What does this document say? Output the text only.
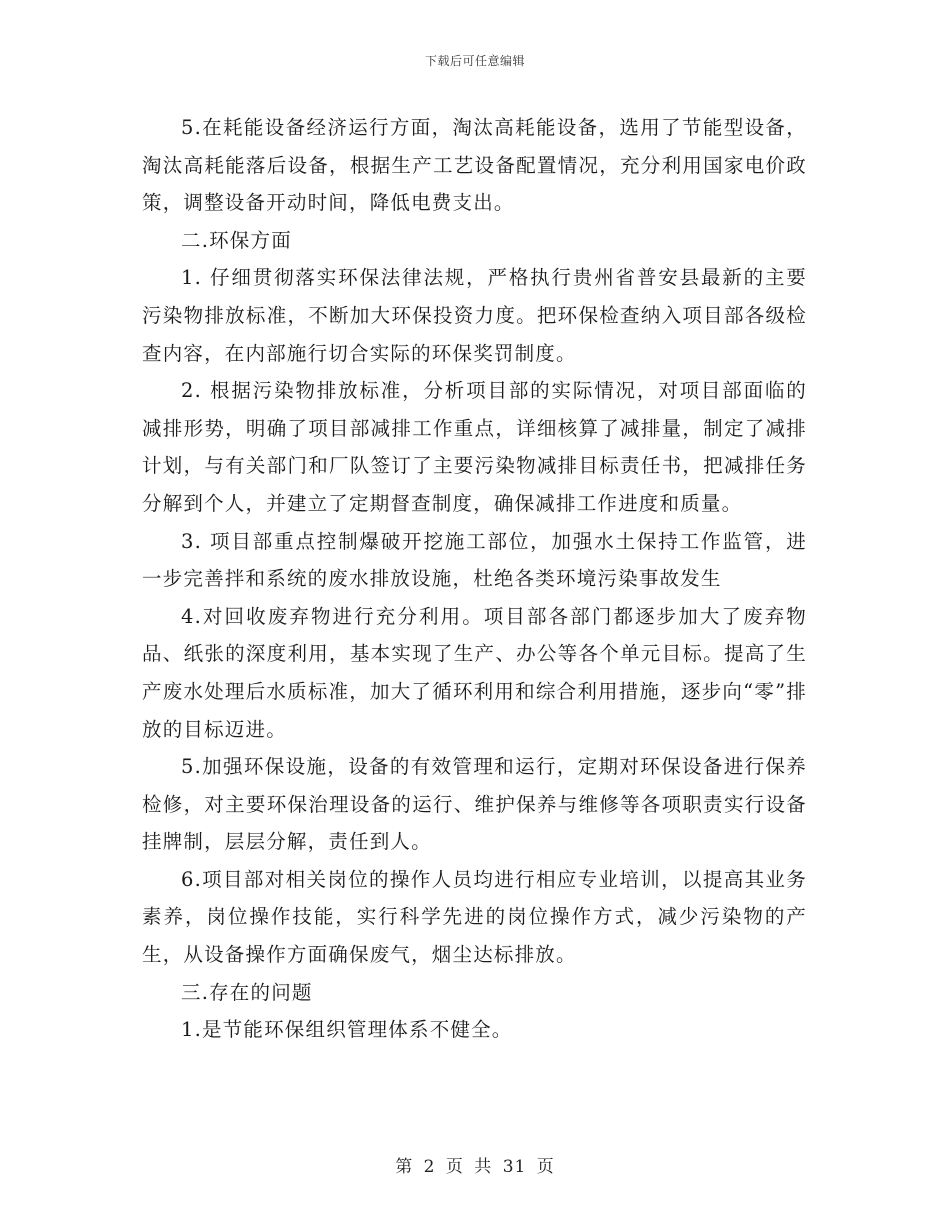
下载后可任意编辑

5.在耗能设备经济运行方面，淘汰高耗能设备，选用了节能型设备，淘汰高耗能落后设备，根据生产工艺设备配置情况，充分利用国家电价政策，调整设备开动时间，降低电费支出。

二.环保方面

1. 仔细贯彻落实环保法律法规，严格执行贵州省普安县最新的主要污染物排放标准，不断加大环保投资力度。把环保检查纳入项目部各级检查内容，在内部施行切合实际的环保奖罚制度。

2. 根据污染物排放标准，分析项目部的实际情况，对项目部面临的减排形势，明确了项目部减排工作重点，详细核算了减排量，制定了减排计划，与有关部门和厂队签订了主要污染物减排目标责任书，把减排任务分解到个人，并建立了定期督查制度，确保减排工作进度和质量。

3. 项目部重点控制爆破开挖施工部位，加强水土保持工作监管，进一步完善拌和系统的废水排放设施，杜绝各类环境污染事故发生

4.对回收废弃物进行充分利用。项目部各部门都逐步加大了废弃物品、纸张的深度利用，基本实现了生产、办公等各个单元目标。提高了生产废水处理后水质标准，加大了循环利用和综合利用措施，逐步向“零”排放的目标迈进。

5.加强环保设施，设备的有效管理和运行，定期对环保设备进行保养检修，对主要环保治理设备的运行、维护保养与维修等各项职责实行设备挂牌制，层层分解，责任到人。

6.项目部对相关岗位的操作人员均进行相应专业培训，以提高其业务素养，岗位操作技能，实行科学先进的岗位操作方式，减少污染物的产生，从设备操作方面确保废气，烟尘达标排放。

三.存在的问题

1.是节能环保组织管理体系不健全。

第 2 页 共 31 页
